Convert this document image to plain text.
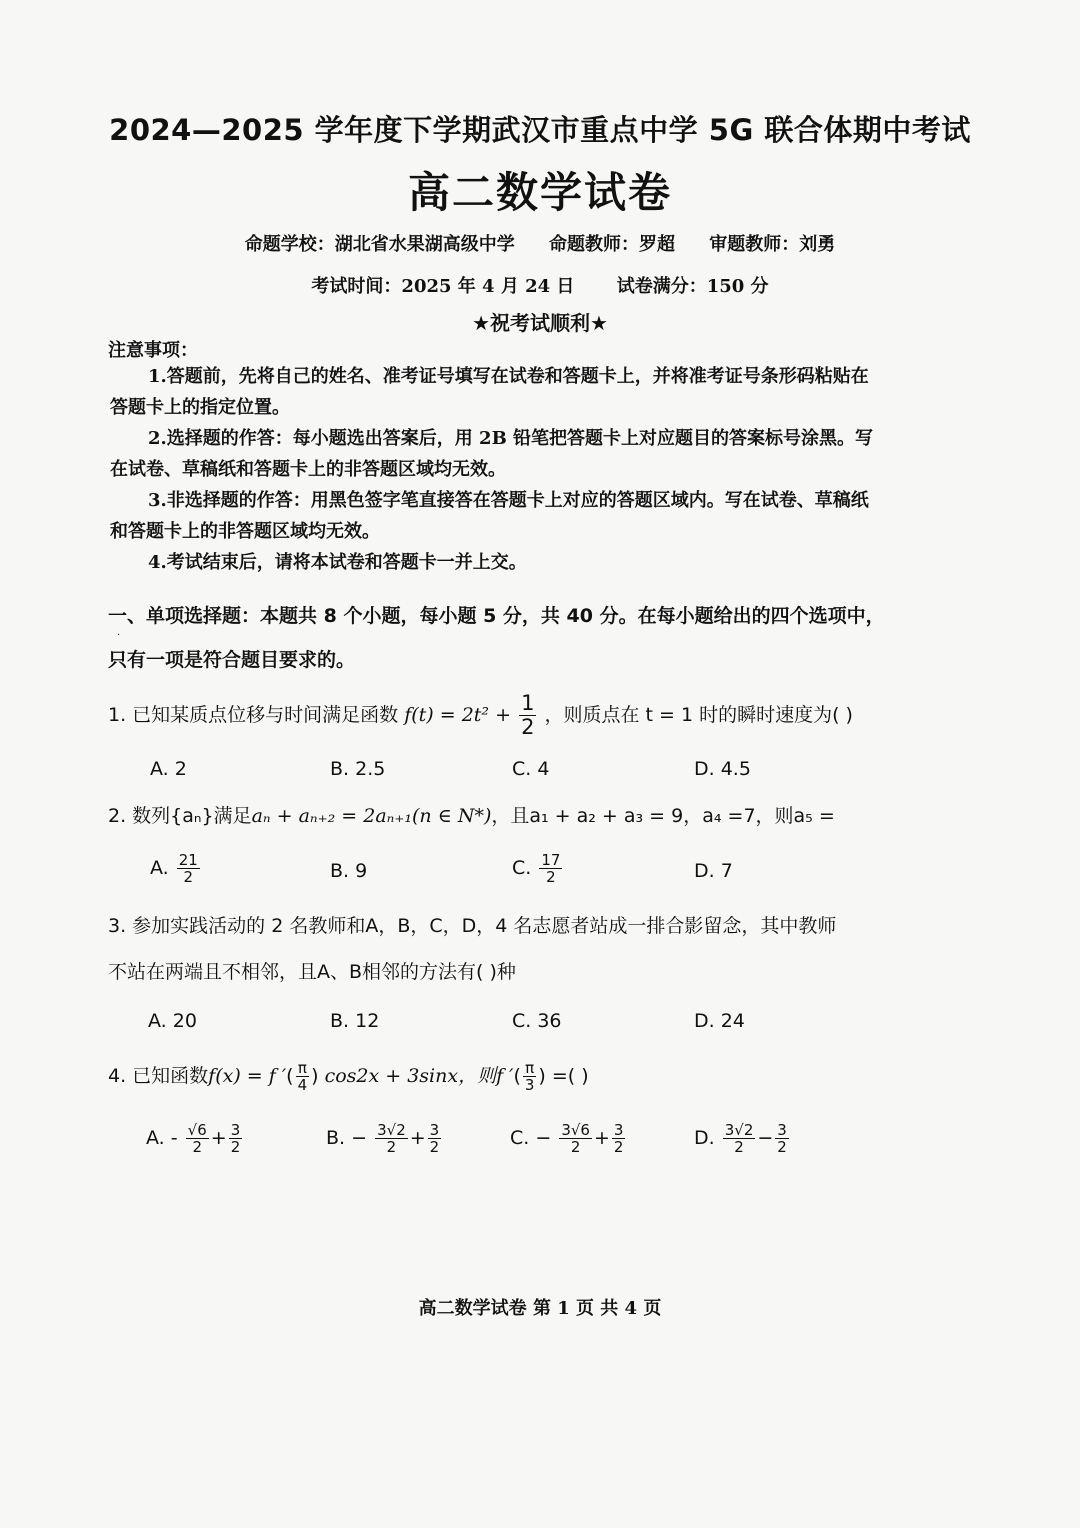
2024—2025 学年度下学期武汉市重点中学 5G 联合体期中考试
高二数学试卷
命题学校：湖北省水果湖高级中学 命题教师：罗超 审题教师：刘勇
考试时间：2025 年 4 月 24 日 试卷满分：150 分
★祝考试顺利★
注意事项：
1.答题前，先将自己的姓名、准考证号填写在试卷和答题卡上，并将准考证号条形码粘贴在答题卡上的指定位置。
2.选择题的作答：每小题选出答案后，用 2B 铅笔把答题卡上对应题目的答案标号涂黑。写在试卷、草稿纸和答题卡上的非答题区域均无效。
3.非选择题的作答：用黑色签字笔直接答在答题卡上对应的答题区域内。写在试卷、草稿纸和答题卡上的非答题区域均无效。
4.考试结束后，请将本试卷和答题卡一并上交。
一、单项选择题：本题共 8 个小题，每小题 5 分，共 40 分。在每小题给出的四个选项中，只有一项是符合题目要求的。
·
1. 已知某质点位移与时间满足函数 $f(t) = 2t^2 + \frac{1}{2}$ ，则质点在 t = 1 时的瞬时速度为( )
A. 2	B. 2.5	C. 4	D. 4.5
2. 数列{aₙ}满足aₙ + aₙ₊₂ = 2aₙ₊₁(n ∈ N*)，且a₁ + a₂ + a₃ = 9，a₄ =7，则a₅ =
A. $\frac{21}{2}$	B. 9	C. $\frac{17}{2}$	D. 7
3. 参加实践活动的 2 名教师和A，B，C，D，4 名志愿者站成一排合影留念，其中教师
不站在两端且不相邻，且A、B相邻的方法有( )种
A. 20	B. 12	C. 36	D. 24
4. 已知函数f(x) = f ′( $\frac{\pi}{4}$ ) cos2x + 3sinx，则f ′( $\frac{\pi}{3}$ ) =( )
A. - $\frac{√6}{2} + \frac{3}{2}$	B. − $\frac{3√2}{2} + \frac{3}{2}$	C. − $\frac{3√6}{2} + \frac{3}{2}$	D. $\frac{3√2}{2} - \frac{3}{2}$
高二数学试卷 第 1 页 共 4 页
